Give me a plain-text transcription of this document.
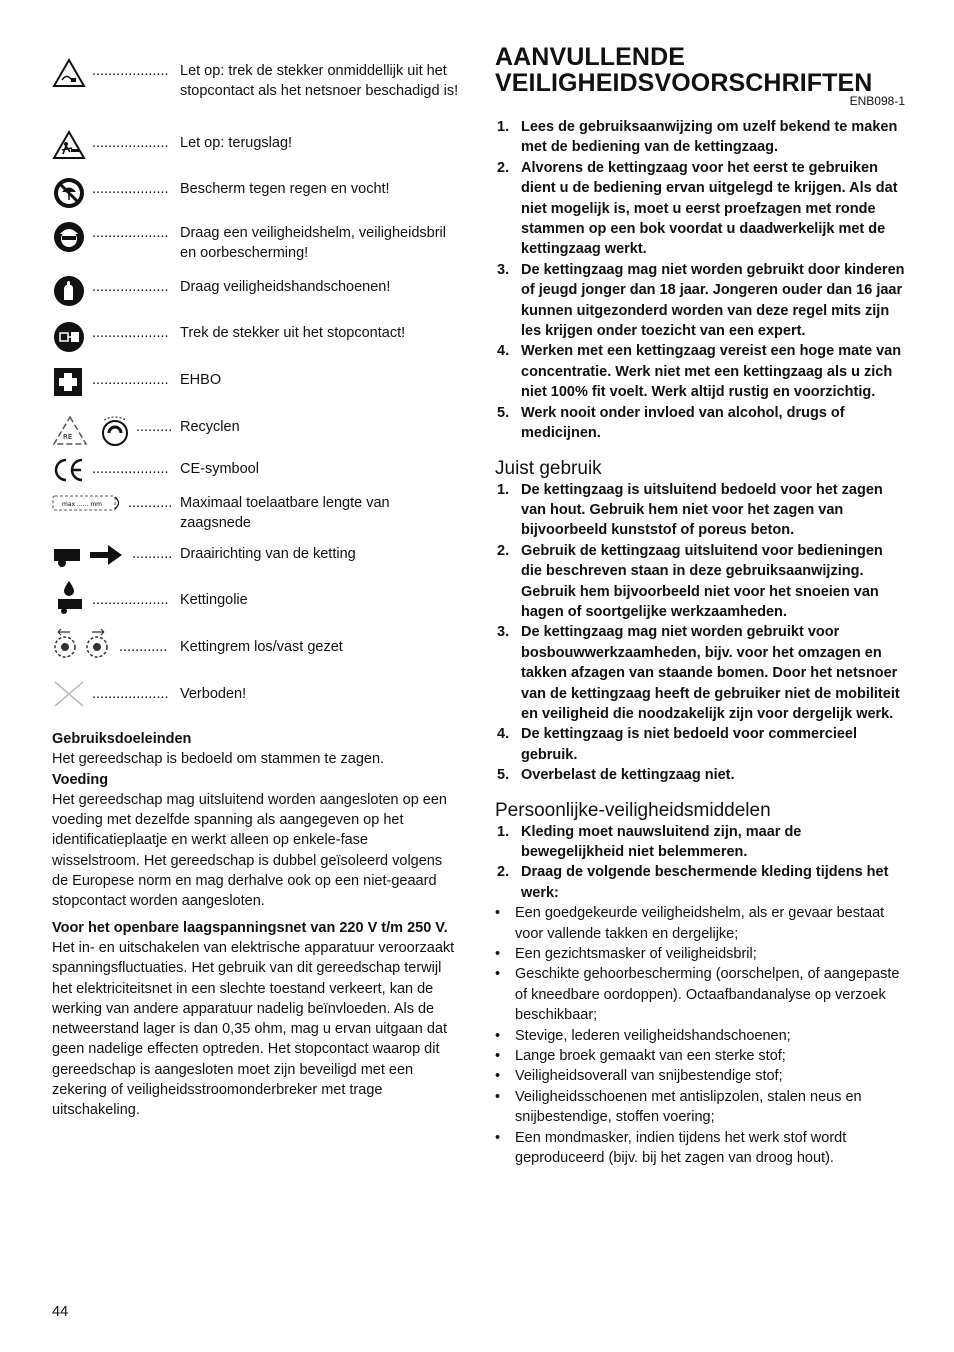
................... Let op: trek de stekker onmiddellijk uit het stopcontact als het netsnoer beschadigd is!
................... Let op: terugslag!
................... Bescherm tegen regen en vocht!
................... Draag een veiligheidshelm, veiligheidsbril en oorbescherming!
................... Draag veiligheidshandschoenen!
................... Trek de stekker uit het stopcontact!
................... EHBO
RE
......... Recyclen
................... CE-symbool
max ...... mm ........... Maximaal toelaatbare lengte van zaagsnede
.......... Draairichting van de ketting
................... Kettingolie
............ Kettingrem los/vast gezet
................... Verboden!

Gebruiksdoeleinden

Het gereedschap is bedoeld om stammen te zagen.

Voeding

Het gereedschap mag uitsluitend worden aangesloten op een voeding met dezelfde spanning als aangegeven op het identificatieplaatje en werkt alleen op enkele-fase wisselstroom. Het gereedschap is dubbel geïsoleerd volgens de Europese norm en mag derhalve ook op een niet-geaard stopcontact worden aangesloten.

Voor het openbare laagspanningsnet van 220 V t/m 250 V.

Het in- en uitschakelen van elektrische apparatuur veroorzaakt spanningsfluctuaties. Het gebruik van dit gereedschap terwijl het elektriciteitsnet in een slechte toestand verkeert, kan de werking van andere apparatuur nadelig beïnvloeden. Als de netweerstand lager is dan 0,35 ohm, mag u ervan uitgaan dat geen nadelige effecten optreden. Het stopcontact waarop dit gereedschap is aangesloten moet zijn beveiligd met een zekering of veiligheidsstroomonderbreker met trage uitschakeling.

AANVULLENDE VEILIGHEIDSVOORSCHRIFTEN
ENB098-1
1. Lees de gebruiksaanwijzing om uzelf bekend te maken met de bediening van de kettingzaag.
2. Alvorens de kettingzaag voor het eerst te gebruiken dient u de bediening ervan uitgelegd te krijgen. Als dat niet mogelijk is, moet u eerst proefzagen met ronde stammen op een bok voordat u daadwerkelijk met de kettingzaag werkt.
3. De kettingzaag mag niet worden gebruikt door kinderen of jeugd jonger dan 18 jaar. Jongeren ouder dan 16 jaar kunnen uitgezonderd worden van deze regel mits zijn les krijgen onder toezicht van een expert.
4. Werken met een kettingzaag vereist een hoge mate van concentratie. Werk niet met een kettingzaag als u zich niet 100% fit voelt. Werk altijd rustig en voorzichtig.
5. Werk nooit onder invloed van alcohol, drugs of medicijnen.
Juist gebruik
1. De kettingzaag is uitsluitend bedoeld voor het zagen van hout. Gebruik hem niet voor het zagen van bijvoorbeeld kunststof of poreus beton.
2. Gebruik de kettingzaag uitsluitend voor bedieningen die beschreven staan in deze gebruiksaanwijzing. Gebruik hem bijvoorbeeld niet voor het snoeien van hagen of soortgelijke werkzaamheden.
3. De kettingzaag mag niet worden gebruikt voor bosbouwwerkzaamheden, bijv. voor het omzagen en takken afzagen van staande bomen. Door het netsnoer van de kettingzaag heeft de gebruiker niet de mobiliteit en veiligheid die noodzakelijk zijn voor dergelijk werk.
4. De kettingzaag is niet bedoeld voor commercieel gebruik.
5. Overbelast de kettingzaag niet.
Persoonlijke-veiligheidsmiddelen
1. Kleding moet nauwsluitend zijn, maar de bewegelijkheid niet belemmeren.
2. Draag de volgende beschermende kleding tijdens het werk:
• Een goedgekeurde veiligheidshelm, als er gevaar bestaat voor vallende takken en dergelijke;
• Een gezichtsmasker of veiligheidsbril;
• Geschikte gehoorbescherming (oorschelpen, of aangepaste of kneedbare oordoppen). Octaafbandanalyse op verzoek beschikbaar;
• Stevige, lederen veiligheidshandschoenen;
• Lange broek gemaakt van een sterke stof;
• Veiligheidsoverall van snijbestendige stof;
• Veiligheidsschoenen met antislipzolen, stalen neus en snijbestendige, stoffen voering;
• Een mondmasker, indien tijdens het werk stof wordt geproduceerd (bijv. bij het zagen van droog hout).
44
